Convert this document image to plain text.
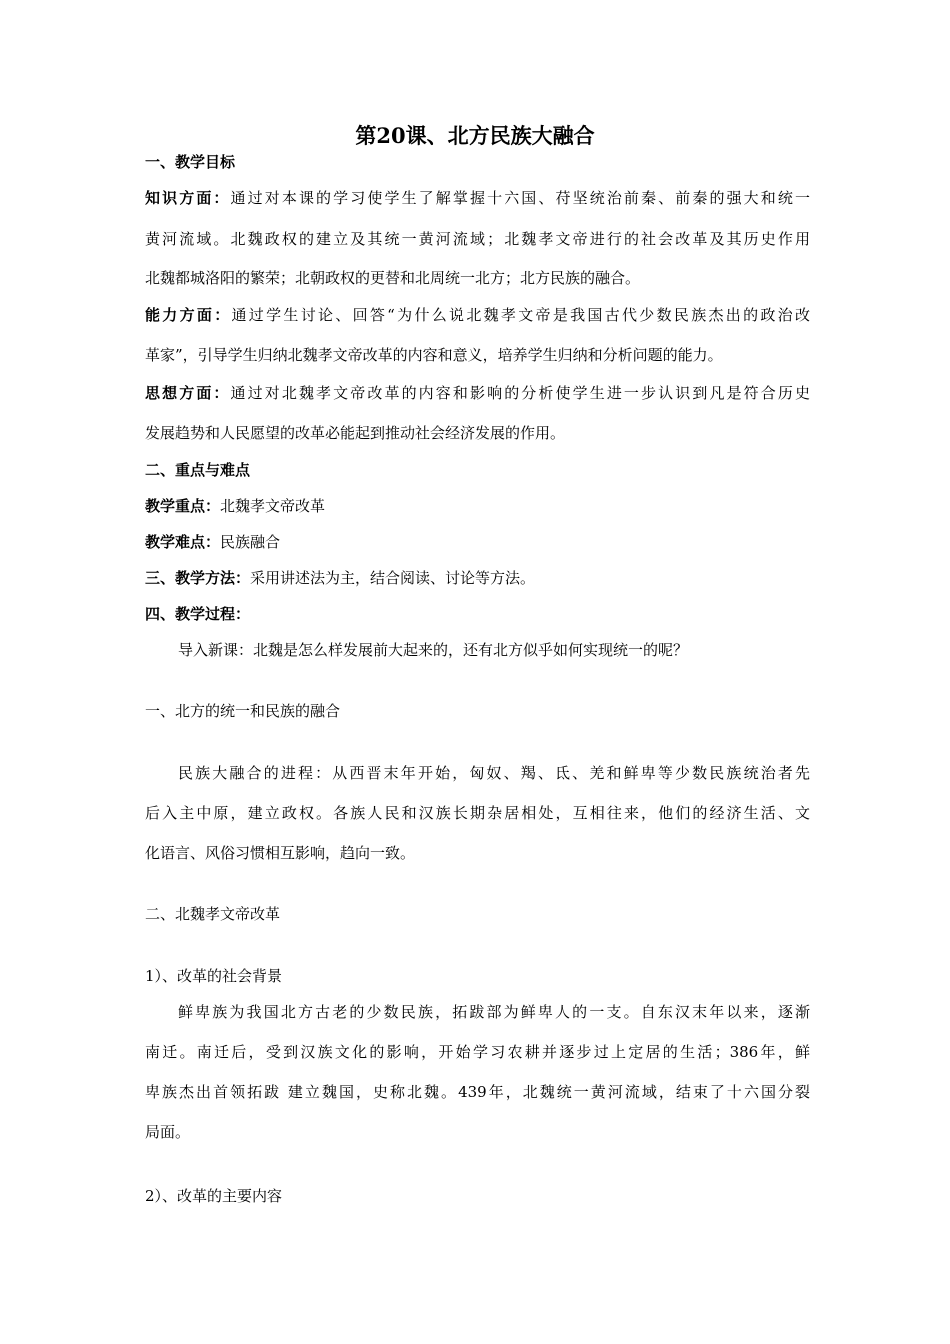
第20课、北方民族大融合
一、教学目标
知识方面：通过对本课的学习使学生了解掌握十六国、苻坚统治前秦、前秦的强大和统一
黄河流域。北魏政权的建立及其统一黄河流域；北魏孝文帝进行的社会改革及其历史作用
北魏都城洛阳的繁荣；北朝政权的更替和北周统一北方；北方民族的融合。
能力方面：通过学生讨论、回答“为什么说北魏孝文帝是我国古代少数民族杰出的政治改
革家”，引导学生归纳北魏孝文帝改革的内容和意义，培养学生归纳和分析问题的能力。
思想方面：通过对北魏孝文帝改革的内容和影响的分析使学生进一步认识到凡是符合历史
发展趋势和人民愿望的改革必能起到推动社会经济发展的作用。
二、重点与难点
教学重点：北魏孝文帝改革
教学难点：民族融合
三、教学方法：采用讲述法为主，结合阅读、讨论等方法。
四、教学过程：
导入新课：北魏是怎么样发展前大起来的，还有北方似乎如何实现统一的呢？
一、北方的统一和民族的融合
民族大融合的进程：从西晋末年开始，匈奴、羯、氐、羌和鲜卑等少数民族统治者先
后入主中原，建立政权。各族人民和汉族长期杂居相处，互相往来，他们的经济生活、文
化语言、风俗习惯相互影响，趋向一致。
二、北魏孝文帝改革
1）、改革的社会背景
鲜卑族为我国北方古老的少数民族，拓跋部为鲜卑人的一支。自东汉末年以来，逐渐
南迁。南迁后，受到汉族文化的影响，开始学习农耕并逐步过上定居的生活；386年，鲜
卑族杰出首领拓跋 建立魏国，史称北魏。439年，北魏统一黄河流域，结束了十六国分裂
局面。
2）、改革的主要内容
